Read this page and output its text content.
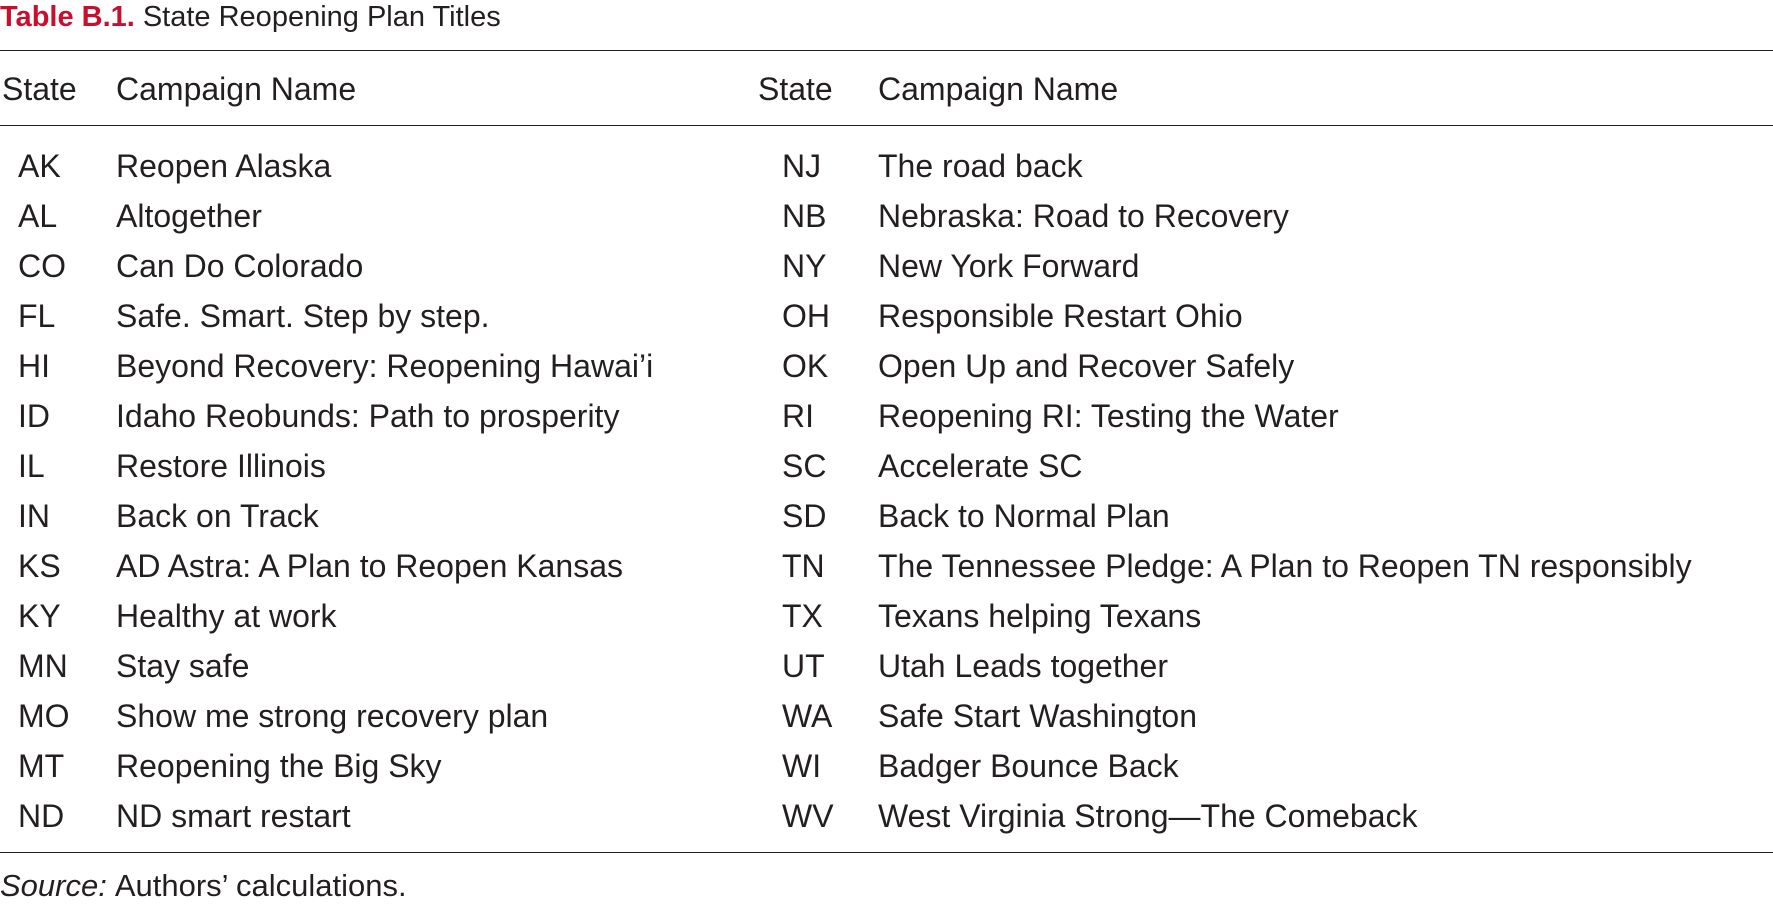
Table B.1. State Reopening Plan Titles
State Campaign Name	State Campaign Name
AK Reopen Alaska
AL Altogether
CO Can Do Colorado
FL Safe. Smart. Step by step.
HI Beyond Recovery: Reopening Hawai’i
ID Idaho Reobunds: Path to prosperity
IL Restore Illinois
IN Back on Track
KS AD Astra: A Plan to Reopen Kansas
KY Healthy at work
MN Stay safe
MO Show me strong recovery plan
MT Reopening the Big Sky
ND ND smart restart
NJ The road back
NB Nebraska: Road to Recovery
NY New York Forward
OH Responsible Restart Ohio
OK Open Up and Recover Safely
RI Reopening RI: Testing the Water
SC Accelerate SC
SD Back to Normal Plan
TN The Tennessee Pledge: A Plan to Reopen TN responsibly
TX Texans helping Texans
UT Utah Leads together
WA Safe Start Washington
WI Badger Bounce Back
WV West Virginia Strong—The Comeback
Source: Authors’ calculations.
